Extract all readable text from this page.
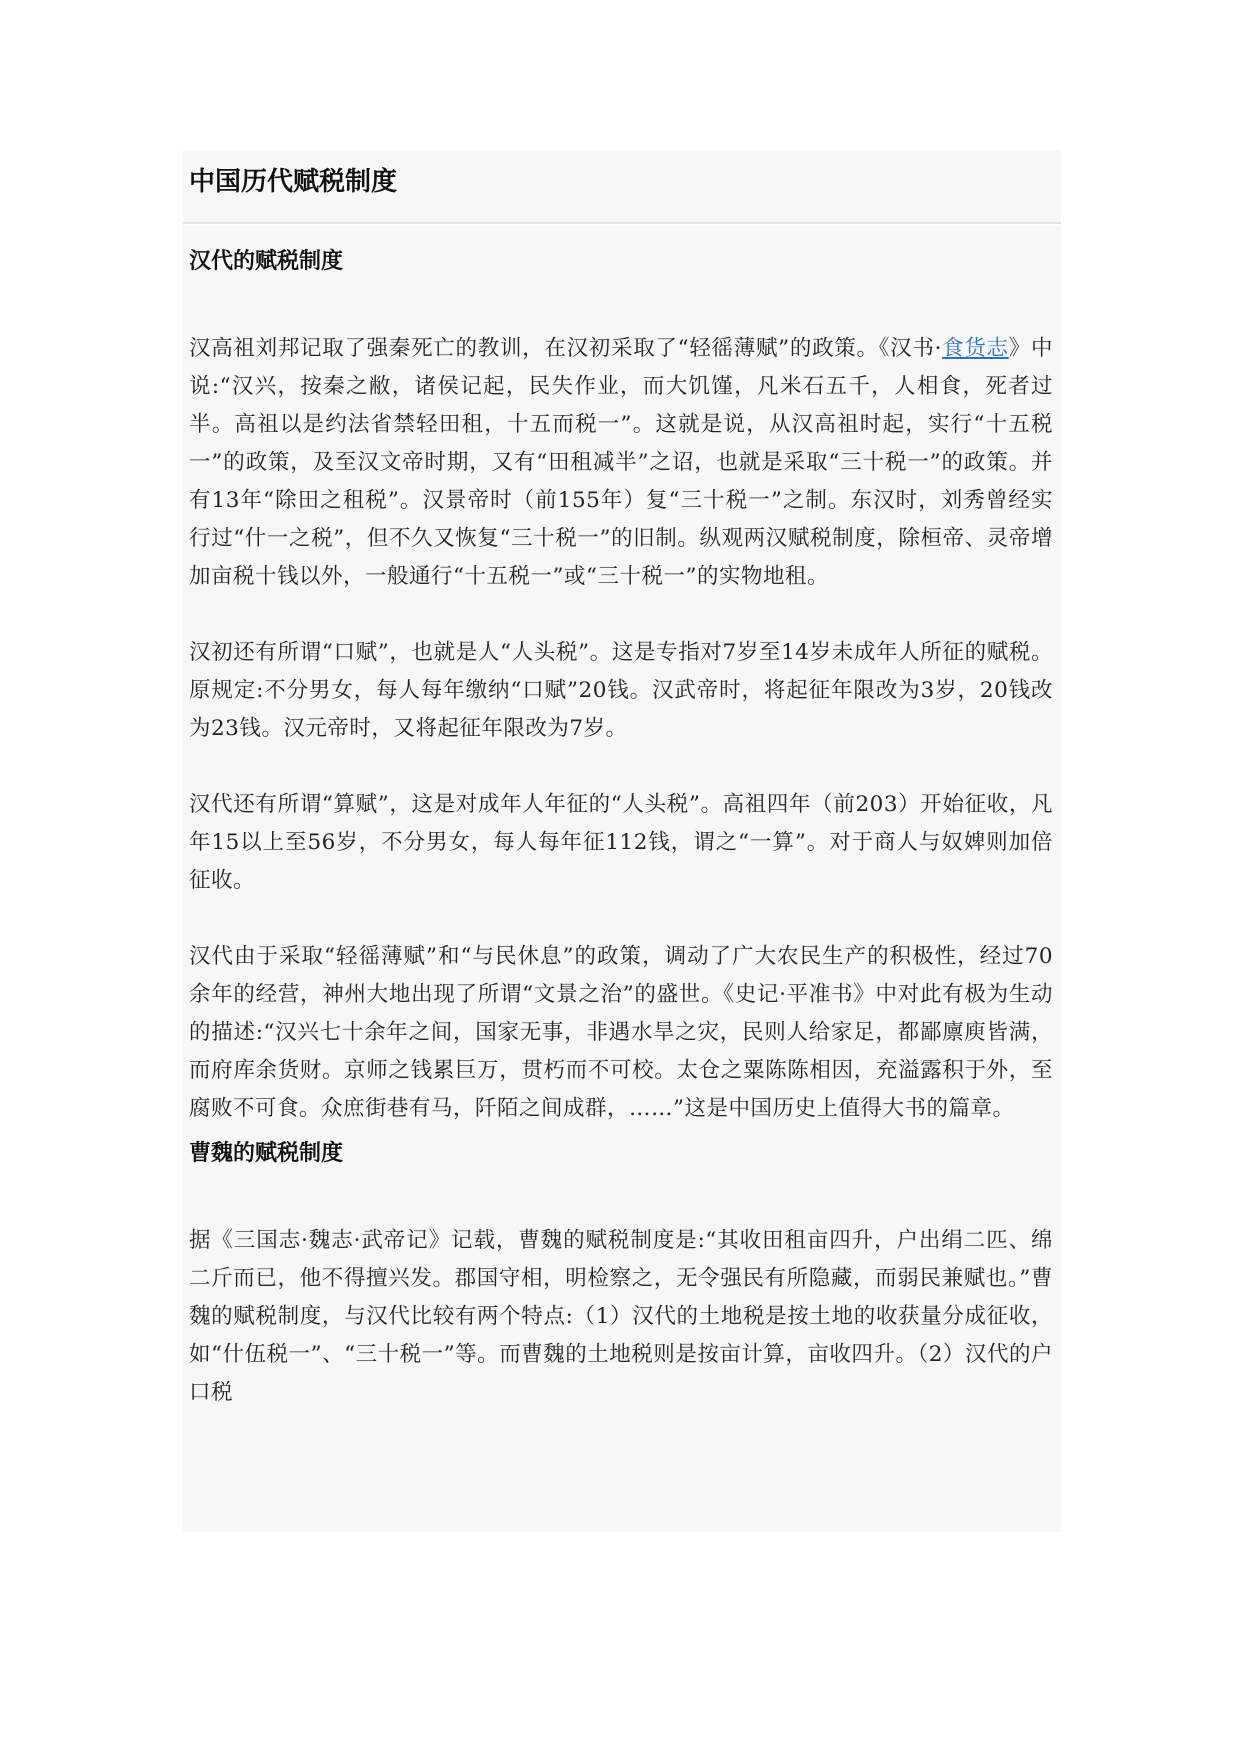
中国历代赋税制度
汉代的赋税制度

汉高祖刘邦记取了强秦死亡的教训，在汉初采取了“轻徭薄赋”的政策。《汉书·食货志》中说:“汉兴，按秦之敝，诸侯记起，民失作业，而大饥馑，凡米石五千，人相食，死者过半。高祖以是约法省禁轻田租，十五而税一”。这就是说，从汉高祖时起，实行“十五税一”的政策，及至汉文帝时期，又有“田租减半”之诏，也就是采取“三十税一”的政策。并有13年“除田之租税”。汉景帝时（前155年）复“三十税一”之制。东汉时，刘秀曾经实行过“什一之税”，但不久又恢复“三十税一”的旧制。纵观两汉赋税制度，除桓帝、灵帝增加亩税十钱以外，一般通行“十五税一”或“三十税一”的实物地租。

汉初还有所谓“口赋”，也就是人“人头税”。这是专指对7岁至14岁未成年人所征的赋税。原规定:不分男女，每人每年缴纳“口赋”20钱。汉武帝时，将起征年限改为3岁，20钱改为23钱。汉元帝时，又将起征年限改为7岁。

汉代还有所谓“算赋”，这是对成年人年征的“人头税”。高祖四年（前203）开始征收，凡年15以上至56岁，不分男女，每人每年征112钱，谓之“一算”。对于商人与奴婢则加倍征收。

汉代由于采取“轻徭薄赋”和“与民休息”的政策，调动了广大农民生产的积极性，经过70余年的经营，神州大地出现了所谓“文景之治”的盛世。《史记·平准书》中对此有极为生动的描述:“汉兴七十余年之间，国家无事，非遇水旱之灾，民则人给家足，都鄙廪庾皆满，而府库余货财。京师之钱累巨万，贯朽而不可校。太仓之粟陈陈相因，充溢露积于外，至腐败不可食。众庶街巷有马，阡陌之间成群，……”这是中国历史上值得大书的篇章。

曹魏的赋税制度

据《三国志·魏志·武帝记》记载，曹魏的赋税制度是:“其收田租亩四升，户出绢二匹、绵二斤而已，他不得擅兴发。郡国守相，明检察之，无令强民有所隐藏，而弱民兼赋也。”曹魏的赋税制度，与汉代比较有两个特点:（1）汉代的土地税是按土地的收获量分成征收，如“什伍税一”、“三十税一”等。而曹魏的土地税则是按亩计算，亩收四升。（2）汉代的户口税
